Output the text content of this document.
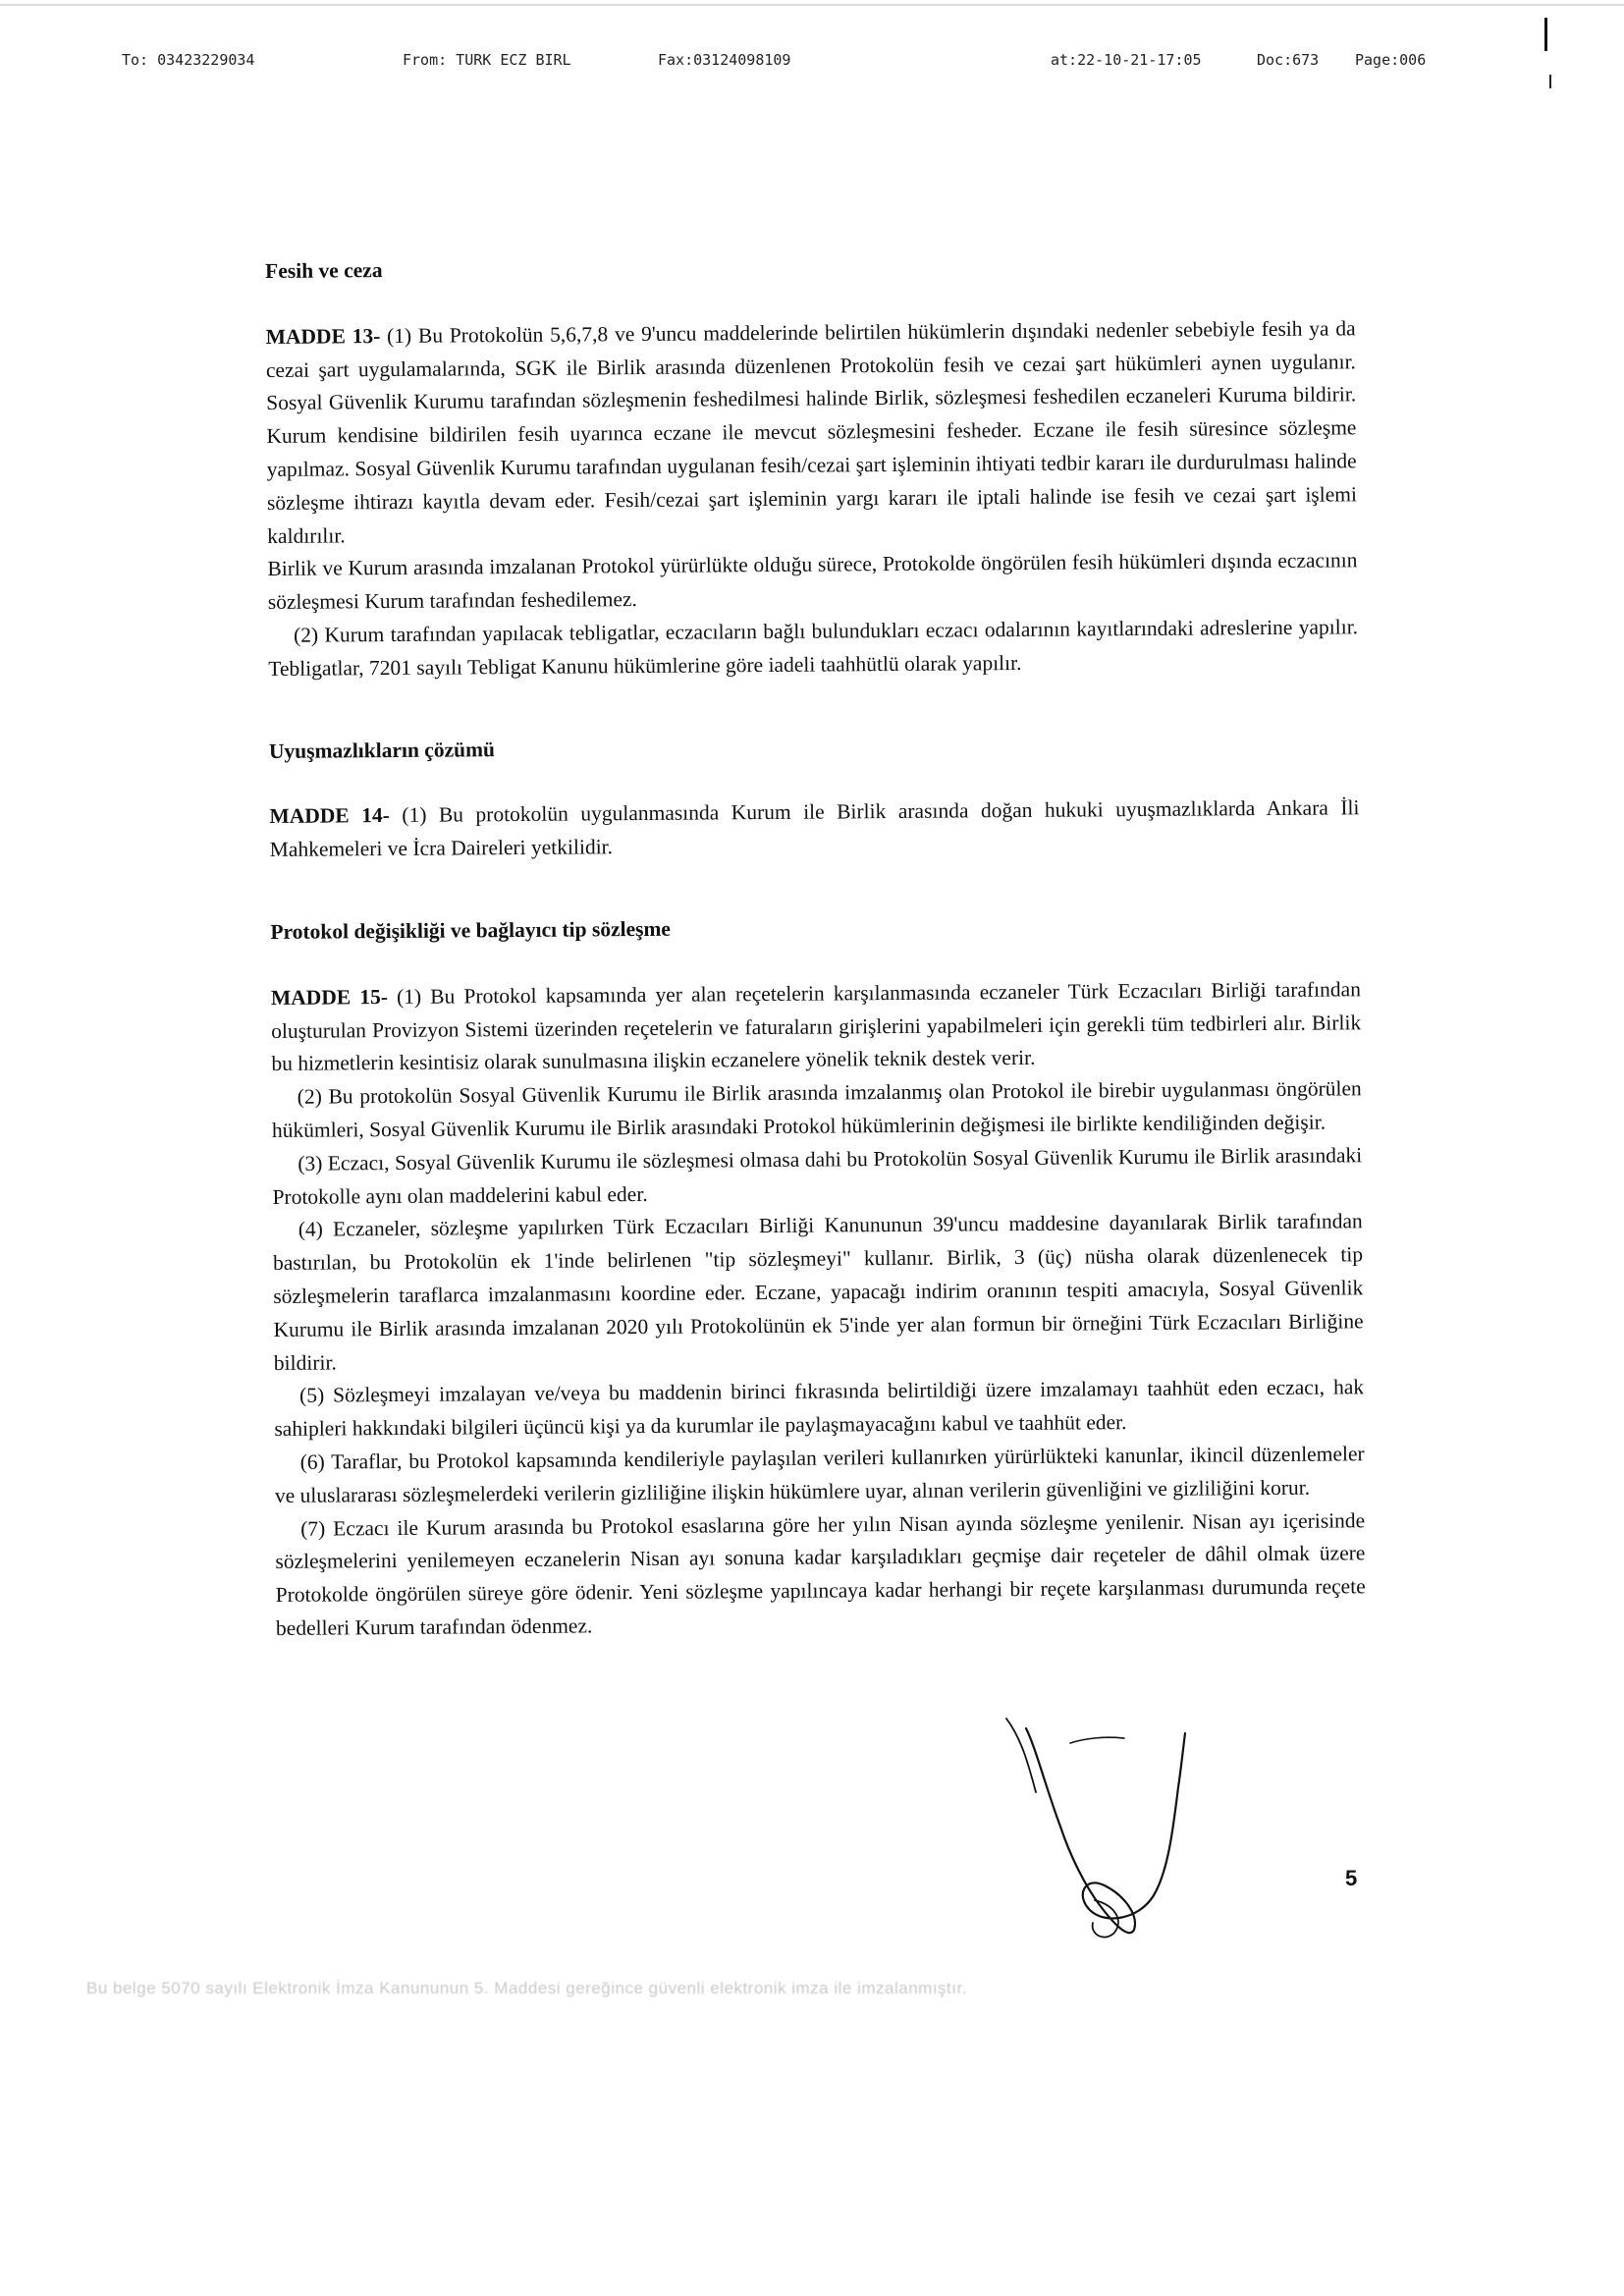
To: 03423229034	From: TURK ECZ BIRL	Fax:03124098109	at:22-10-21-17:05	Doc:673 Page:006
Fesih ve ceza

MADDE 13- (1) Bu Protokolün 5,6,7,8 ve 9'uncu maddelerinde belirtilen hükümlerin dışındaki nedenler sebebiyle fesih ya da cezai şart uygulamalarında, SGK ile Birlik arasında düzenlenen Protokolün fesih ve cezai şart hükümleri aynen uygulanır. Sosyal Güvenlik Kurumu tarafından sözleşmenin feshedilmesi halinde Birlik, sözleşmesi feshedilen eczaneleri Kuruma bildirir. Kurum kendisine bildirilen fesih uyarınca eczane ile mevcut sözleşmesini fesheder. Eczane ile fesih süresince sözleşme yapılmaz. Sosyal Güvenlik Kurumu tarafından uygulanan fesih/cezai şart işleminin ihtiyati tedbir kararı ile durdurulması halinde sözleşme ihtirazı kayıtla devam eder. Fesih/cezai şart işleminin yargı kararı ile iptali halinde ise fesih ve cezai şart işlemi kaldırılır.

Birlik ve Kurum arasında imzalanan Protokol yürürlükte olduğu sürece, Protokolde öngörülen fesih hükümleri dışında eczacının sözleşmesi Kurum tarafından feshedilemez.

(2) Kurum tarafından yapılacak tebligatlar, eczacıların bağlı bulundukları eczacı odalarının kayıtlarındaki adreslerine yapılır. Tebligatlar, 7201 sayılı Tebligat Kanunu hükümlerine göre iadeli taahhütlü olarak yapılır.

Uyuşmazlıkların çözümü

MADDE 14- (1) Bu protokolün uygulanmasında Kurum ile Birlik arasında doğan hukuki uyuşmazlıklarda Ankara İli Mahkemeleri ve İcra Daireleri yetkilidir.

Protokol değişikliği ve bağlayıcı tip sözleşme

MADDE 15- (1) Bu Protokol kapsamında yer alan reçetelerin karşılanmasında eczaneler Türk Eczacıları Birliği tarafından oluşturulan Provizyon Sistemi üzerinden reçetelerin ve faturaların girişlerini yapabilmeleri için gerekli tüm tedbirleri alır. Birlik bu hizmetlerin kesintisiz olarak sunulmasına ilişkin eczanelere yönelik teknik destek verir.

(2) Bu protokolün Sosyal Güvenlik Kurumu ile Birlik arasında imzalanmış olan Protokol ile birebir uygulanması öngörülen hükümleri, Sosyal Güvenlik Kurumu ile Birlik arasındaki Protokol hükümlerinin değişmesi ile birlikte kendiliğinden değişir.

(3) Eczacı, Sosyal Güvenlik Kurumu ile sözleşmesi olmasa dahi bu Protokolün Sosyal Güvenlik Kurumu ile Birlik arasındaki Protokolle aynı olan maddelerini kabul eder.

(4) Eczaneler, sözleşme yapılırken Türk Eczacıları Birliği Kanununun 39'uncu maddesine dayanılarak Birlik tarafından bastırılan, bu Protokolün ek 1'inde belirlenen "tip sözleşmeyi" kullanır. Birlik, 3 (üç) nüsha olarak düzenlenecek tip sözleşmelerin taraflarca imzalanmasını koordine eder. Eczane, yapacağı indirim oranının tespiti amacıyla, Sosyal Güvenlik Kurumu ile Birlik arasında imzalanan 2020 yılı Protokolünün ek 5'inde yer alan formun bir örneğini Türk Eczacıları Birliğine bildirir.

(5) Sözleşmeyi imzalayan ve/veya bu maddenin birinci fıkrasında belirtildiği üzere imzalamayı taahhüt eden eczacı, hak sahipleri hakkındaki bilgileri üçüncü kişi ya da kurumlar ile paylaşmayacağını kabul ve taahhüt eder.

(6) Taraflar, bu Protokol kapsamında kendileriyle paylaşılan verileri kullanırken yürürlükteki kanunlar, ikincil düzenlemeler ve uluslararası sözleşmelerdeki verilerin gizliliğine ilişkin hükümlere uyar, alınan verilerin güvenliğini ve gizliliğini korur.

(7) Eczacı ile Kurum arasında bu Protokol esaslarına göre her yılın Nisan ayında sözleşme yenilenir. Nisan ayı içerisinde sözleşmelerini yenilemeyen eczanelerin Nisan ayı sonuna kadar karşıladıkları geçmişe dair reçeteler de dâhil olmak üzere Protokolde öngörülen süreye göre ödenir. Yeni sözleşme yapılıncaya kadar herhangi bir reçete karşılanması durumunda reçete bedelleri Kurum tarafından ödenmez.

5
Bu belge 5070 sayılı Elektronik İmza Kanununun 5. Maddesi gereğince güvenli elektronik imza ile imzalanmıştır.
